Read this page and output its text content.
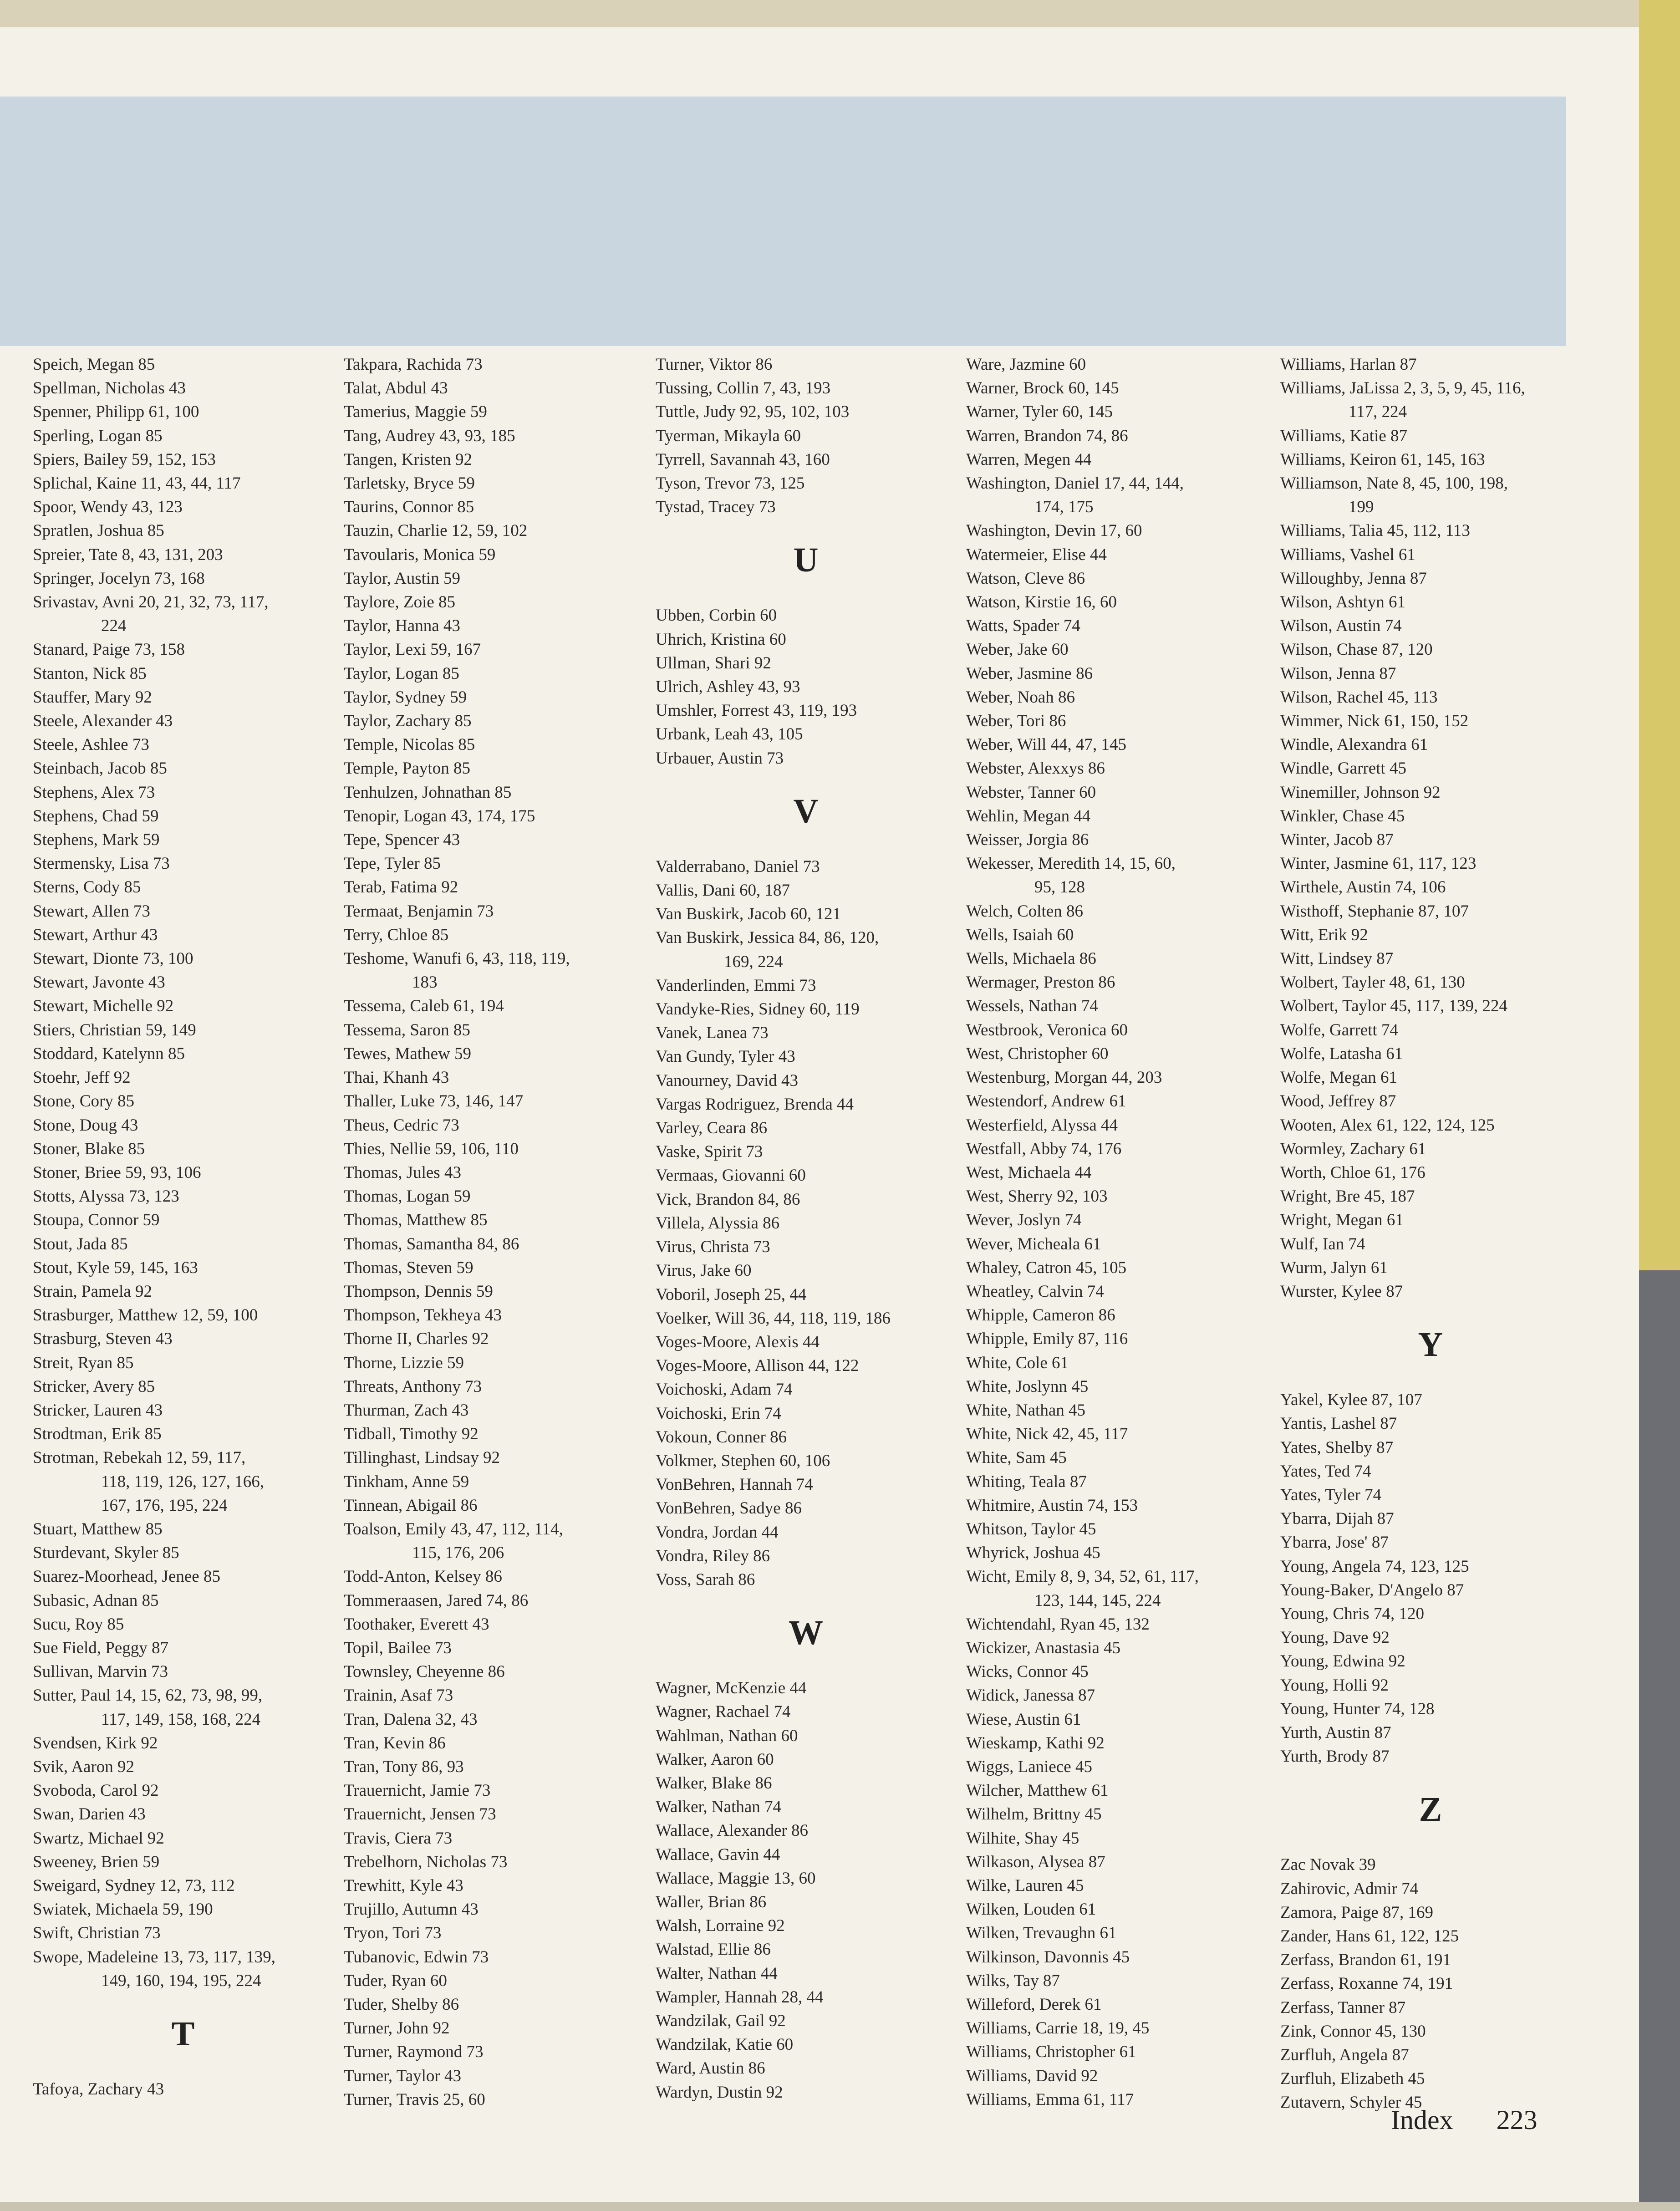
Speich, Megan 85
Spellman, Nicholas 43
Spenner, Philipp 61, 100
Sperling, Logan 85
Spiers, Bailey 59, 152, 153
Splichal, Kaine 11, 43, 44, 117
Spoor, Wendy 43, 123
Spratlen, Joshua 85
Spreier, Tate 8, 43, 131, 203
Springer, Jocelyn 73, 168
Srivastav, Avni 20, 21, 32, 73, 117,
224
Stanard, Paige 73, 158
Stanton, Nick 85
Stauffer, Mary 92
Steele, Alexander 43
Steele, Ashlee 73
Steinbach, Jacob 85
Stephens, Alex 73
Stephens, Chad 59
Stephens, Mark 59
Stermensky, Lisa 73
Sterns, Cody 85
Stewart, Allen 73
Stewart, Arthur 43
Stewart, Dionte 73, 100
Stewart, Javonte 43
Stewart, Michelle 92
Stiers, Christian 59, 149
Stoddard, Katelynn 85
Stoehr, Jeff 92
Stone, Cory 85
Stone, Doug 43
Stoner, Blake 85
Stoner, Briee 59, 93, 106
Stotts, Alyssa 73, 123
Stoupa, Connor 59
Stout, Jada 85
Stout, Kyle 59, 145, 163
Strain, Pamela 92
Strasburger, Matthew 12, 59, 100
Strasburg, Steven 43
Streit, Ryan 85
Stricker, Avery 85
Stricker, Lauren 43
Strodtman, Erik 85
Strotman, Rebekah 12, 59, 117,
118, 119, 126, 127, 166,
167, 176, 195, 224
Stuart, Matthew 85
Sturdevant, Skyler 85
Suarez-Moorhead, Jenee 85
Subasic, Adnan 85
Sucu, Roy 85
Sue Field, Peggy 87
Sullivan, Marvin 73
Sutter, Paul 14, 15, 62, 73, 98, 99,
117, 149, 158, 168, 224
Svendsen, Kirk 92
Svik, Aaron 92
Svoboda, Carol 92
Swan, Darien 43
Swartz, Michael 92
Sweeney, Brien 59
Sweigard, Sydney 12, 73, 112
Swiatek, Michaela 59, 190
Swift, Christian 73
Swope, Madeleine 13, 73, 117, 139,
149, 160, 194, 195, 224
T
Tafoya, Zachary 43
Takpara, Rachida 73
Talat, Abdul 43
Tamerius, Maggie 59
Tang, Audrey 43, 93, 185
Tangen, Kristen 92
Tarletsky, Bryce 59
Taurins, Connor 85
Tauzin, Charlie 12, 59, 102
Tavoularis, Monica 59
Taylor, Austin 59
Taylore, Zoie 85
Taylor, Hanna 43
Taylor, Lexi 59, 167
Taylor, Logan 85
Taylor, Sydney 59
Taylor, Zachary 85
Temple, Nicolas 85
Temple, Payton 85
Tenhulzen, Johnathan 85
Tenopir, Logan 43, 174, 175
Tepe, Spencer 43
Tepe, Tyler 85
Terab, Fatima 92
Termaat, Benjamin 73
Terry, Chloe 85
Teshome, Wanufi 6, 43, 118, 119,
183
Tessema, Caleb 61, 194
Tessema, Saron 85
Tewes, Mathew 59
Thai, Khanh 43
Thaller, Luke 73, 146, 147
Theus, Cedric 73
Thies, Nellie 59, 106, 110
Thomas, Jules 43
Thomas, Logan 59
Thomas, Matthew 85
Thomas, Samantha 84, 86
Thomas, Steven 59
Thompson, Dennis 59
Thompson, Tekheya 43
Thorne II, Charles 92
Thorne, Lizzie 59
Threats, Anthony 73
Thurman, Zach 43
Tidball, Timothy 92
Tillinghast, Lindsay 92
Tinkham, Anne 59
Tinnean, Abigail 86
Toalson, Emily 43, 47, 112, 114,
115, 176, 206
Todd-Anton, Kelsey 86
Tommeraasen, Jared 74, 86
Toothaker, Everett 43
Topil, Bailee 73
Townsley, Cheyenne 86
Trainin, Asaf 73
Tran, Dalena 32, 43
Tran, Kevin 86
Tran, Tony 86, 93
Trauernicht, Jamie 73
Trauernicht, Jensen 73
Travis, Ciera 73
Trebelhorn, Nicholas 73
Trewhitt, Kyle 43
Trujillo, Autumn 43
Tryon, Tori 73
Tubanovic, Edwin 73
Tuder, Ryan 60
Tuder, Shelby 86
Turner, John 92
Turner, Raymond 73
Turner, Taylor 43
Turner, Travis 25, 60
Turner, Viktor 86
Tussing, Collin 7, 43, 193
Tuttle, Judy 92, 95, 102, 103
Tyerman, Mikayla 60
Tyrrell, Savannah 43, 160
Tyson, Trevor 73, 125
Tystad, Tracey 73
U
Ubben, Corbin 60
Uhrich, Kristina 60
Ullman, Shari 92
Ulrich, Ashley 43, 93
Umshler, Forrest 43, 119, 193
Urbank, Leah 43, 105
Urbauer, Austin 73
V
Valderrabano, Daniel 73
Vallis, Dani 60, 187
Van Buskirk, Jacob 60, 121
Van Buskirk, Jessica 84, 86, 120,
169, 224
Vanderlinden, Emmi 73
Vandyke-Ries, Sidney 60, 119
Vanek, Lanea 73
Van Gundy, Tyler 43
Vanourney, David 43
Vargas Rodriguez, Brenda 44
Varley, Ceara 86
Vaske, Spirit 73
Vermaas, Giovanni 60
Vick, Brandon 84, 86
Villela, Alyssia 86
Virus, Christa 73
Virus, Jake 60
Voboril, Joseph 25, 44
Voelker, Will 36, 44, 118, 119, 186
Voges-Moore, Alexis 44
Voges-Moore, Allison 44, 122
Voichoski, Adam 74
Voichoski, Erin 74
Vokoun, Conner 86
Volkmer, Stephen 60, 106
VonBehren, Hannah 74
VonBehren, Sadye 86
Vondra, Jordan 44
Vondra, Riley 86
Voss, Sarah 86
W
Wagner, McKenzie 44
Wagner, Rachael 74
Wahlman, Nathan 60
Walker, Aaron 60
Walker, Blake 86
Walker, Nathan 74
Wallace, Alexander 86
Wallace, Gavin 44
Wallace, Maggie 13, 60
Waller, Brian 86
Walsh, Lorraine 92
Walstad, Ellie 86
Walter, Nathan 44
Wampler, Hannah 28, 44
Wandzilak, Gail 92
Wandzilak, Katie 60
Ward, Austin 86
Wardyn, Dustin 92
Ware, Jazmine 60
Warner, Brock 60, 145
Warner, Tyler 60, 145
Warren, Brandon 74, 86
Warren, Megen 44
Washington, Daniel 17, 44, 144,
174, 175
Washington, Devin 17, 60
Watermeier, Elise 44
Watson, Cleve 86
Watson, Kirstie 16, 60
Watts, Spader 74
Weber, Jake 60
Weber, Jasmine 86
Weber, Noah 86
Weber, Tori 86
Weber, Will 44, 47, 145
Webster, Alexxys 86
Webster, Tanner 60
Wehlin, Megan 44
Weisser, Jorgia 86
Wekesser, Meredith 14, 15, 60,
95, 128
Welch, Colten 86
Wells, Isaiah 60
Wells, Michaela 86
Wermager, Preston 86
Wessels, Nathan 74
Westbrook, Veronica 60
West, Christopher 60
Westenburg, Morgan 44, 203
Westendorf, Andrew 61
Westerfield, Alyssa 44
Westfall, Abby 74, 176
West, Michaela 44
West, Sherry 92, 103
Wever, Joslyn 74
Wever, Micheala 61
Whaley, Catron 45, 105
Wheatley, Calvin 74
Whipple, Cameron 86
Whipple, Emily 87, 116
White, Cole 61
White, Joslynn 45
White, Nathan 45
White, Nick 42, 45, 117
White, Sam 45
Whiting, Teala 87
Whitmire, Austin 74, 153
Whitson, Taylor 45
Whyrick, Joshua 45
Wicht, Emily 8, 9, 34, 52, 61, 117,
123, 144, 145, 224
Wichtendahl, Ryan 45, 132
Wickizer, Anastasia 45
Wicks, Connor 45
Widick, Janessa 87
Wiese, Austin 61
Wieskamp, Kathi 92
Wiggs, Laniece 45
Wilcher, Matthew 61
Wilhelm, Brittny 45
Wilhite, Shay 45
Wilkason, Alysea 87
Wilke, Lauren 45
Wilken, Louden 61
Wilken, Trevaughn 61
Wilkinson, Davonnis 45
Wilks, Tay 87
Willeford, Derek 61
Williams, Carrie 18, 19, 45
Williams, Christopher 61
Williams, David 92
Williams, Emma 61, 117
Williams, Harlan 87
Williams, JaLissa 2, 3, 5, 9, 45, 116,
117, 224
Williams, Katie 87
Williams, Keiron 61, 145, 163
Williamson, Nate 8, 45, 100, 198,
199
Williams, Talia 45, 112, 113
Williams, Vashel 61
Willoughby, Jenna 87
Wilson, Ashtyn 61
Wilson, Austin 74
Wilson, Chase 87, 120
Wilson, Jenna 87
Wilson, Rachel 45, 113
Wimmer, Nick 61, 150, 152
Windle, Alexandra 61
Windle, Garrett 45
Winemiller, Johnson 92
Winkler, Chase 45
Winter, Jacob 87
Winter, Jasmine 61, 117, 123
Wirthele, Austin 74, 106
Wisthoff, Stephanie 87, 107
Witt, Erik 92
Witt, Lindsey 87
Wolbert, Tayler 48, 61, 130
Wolbert, Taylor 45, 117, 139, 224
Wolfe, Garrett 74
Wolfe, Latasha 61
Wolfe, Megan 61
Wood, Jeffrey 87
Wooten, Alex 61, 122, 124, 125
Wormley, Zachary 61
Worth, Chloe 61, 176
Wright, Bre 45, 187
Wright, Megan 61
Wulf, Ian 74
Wurm, Jalyn 61
Wurster, Kylee 87
Y
Yakel, Kylee 87, 107
Yantis, Lashel 87
Yates, Shelby 87
Yates, Ted 74
Yates, Tyler 74
Ybarra, Dijah 87
Ybarra, Jose' 87
Young, Angela 74, 123, 125
Young-Baker, D'Angelo 87
Young, Chris 74, 120
Young, Dave 92
Young, Edwina 92
Young, Holli 92
Young, Hunter 74, 128
Yurth, Austin 87
Yurth, Brody 87
Z
Zac Novak 39
Zahirovic, Admir 74
Zamora, Paige 87, 169
Zander, Hans 61, 122, 125
Zerfass, Brandon 61, 191
Zerfass, Roxanne 74, 191
Zerfass, Tanner 87
Zink, Connor 45, 130
Zurfluh, Angela 87
Zurfluh, Elizabeth 45
Zutavern, Schyler 45
Index 223
